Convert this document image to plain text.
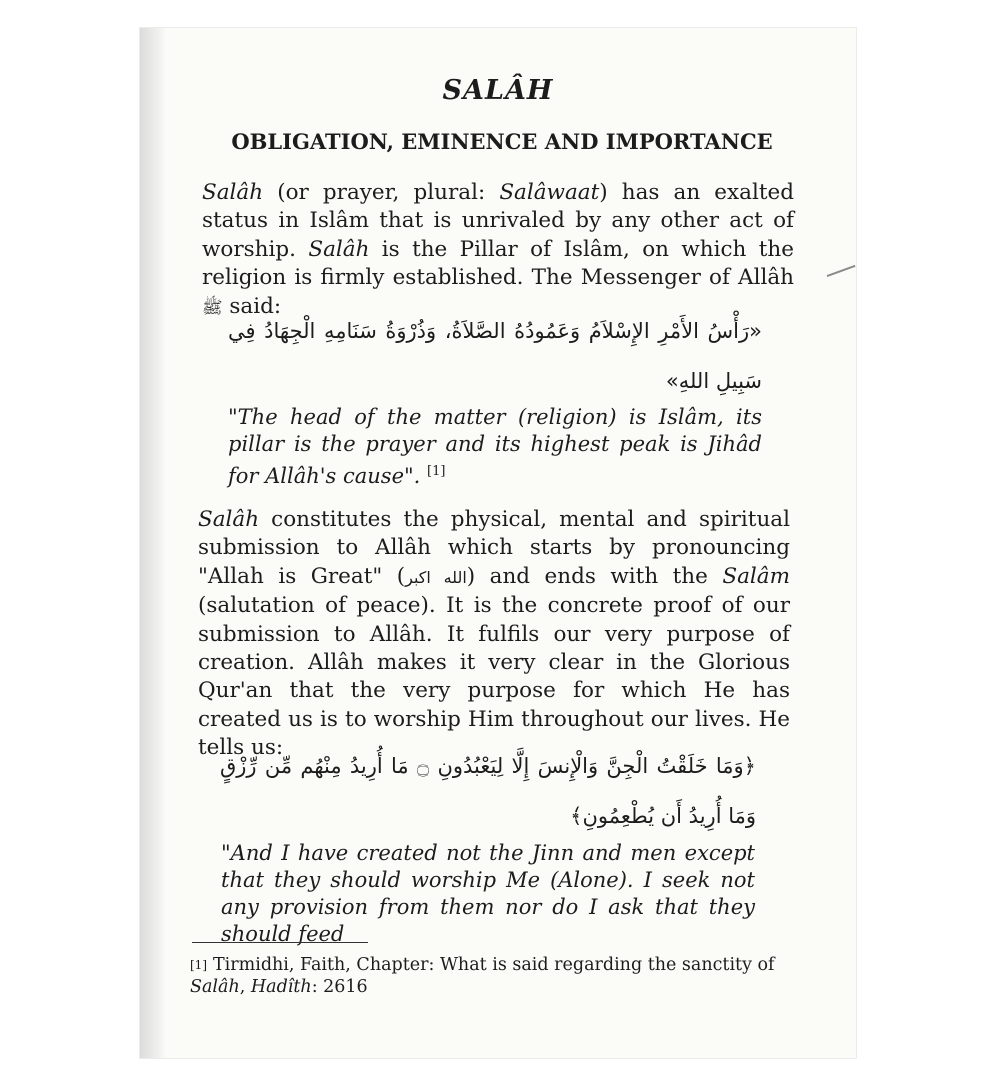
SALÂH
OBLIGATION, EMINENCE AND IMPORTANCE

Salâh (or prayer, plural: Salâwaat) has an exalted status in Islâm that is unrivaled by any other act of worship. Salâh is the Pillar of Islâm, on which the religion is firmly established. The Messenger of Allâh ﷺ said:

«رَأْسُ الأَمْرِ الإِسْلاَمُ وَعَمُودُهُ الصَّلاَةُ، وَذُرْوَةُ سَنَامِهِ الْجِهَادُ فِي سَبِيلِ اللهِ»

"The head of the matter (religion) is Islâm, its pillar is the prayer and its highest peak is Jihâd for Allâh's cause". [1]

Salâh constitutes the physical, mental and spiritual submission to Allâh which starts by pronouncing "Allah is Great" (الله اكبر) and ends with the Salâm (salutation of peace). It is the concrete proof of our submission to Allâh. It fulfils our very purpose of creation. Allâh makes it very clear in the Glorious Qur'an that the very purpose for which He has created us is to worship Him throughout our lives. He tells us:

﴿وَمَا خَلَقْتُ الْجِنَّ وَالْإِنسَ إِلَّا لِيَعْبُدُونِ ۝ مَا أُرِيدُ مِنْهُم مِّن رِّزْقٍ وَمَا أُرِيدُ أَن يُطْعِمُونِ﴾

"And I have created not the Jinn and men except that they should worship Me (Alone). I seek not any provision from them nor do I ask that they should feed

[1] Tirmidhi, Faith, Chapter: What is said regarding the sanctity of Salâh, Hadîth: 2616
